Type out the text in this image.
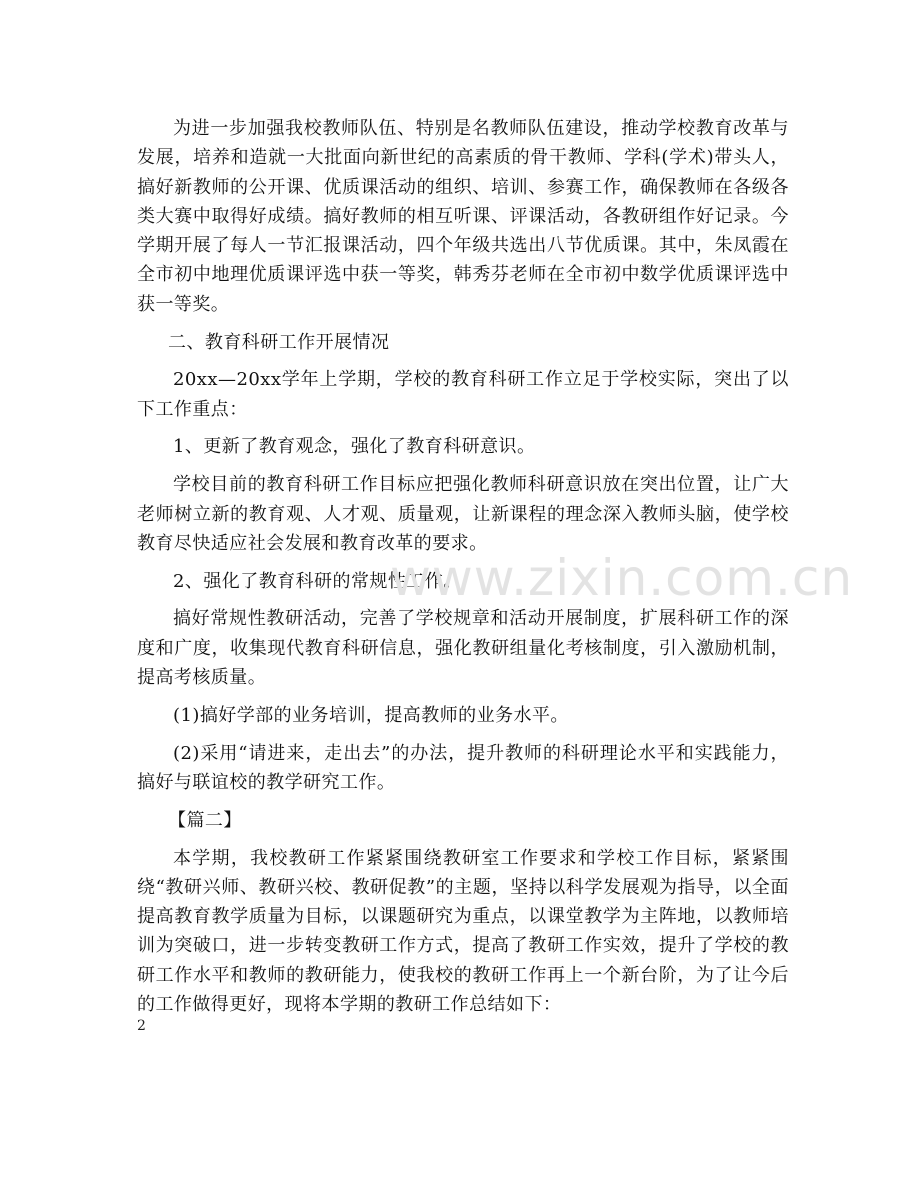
为进一步加强我校教师队伍、特别是名教师队伍建设，推动学校教育改革与发展，培养和造就一大批面向新世纪的高素质的骨干教师、学科(学术)带头人，搞好新教师的公开课、优质课活动的组织、培训、参赛工作，确保教师在各级各类大赛中取得好成绩。搞好教师的相互听课、评课活动，各教研组作好记录。今学期开展了每人一节汇报课活动，四个年级共选出八节优质课。其中，朱凤霞在全市初中地理优质课评选中获一等奖，韩秀芬老师在全市初中数学优质课评选中获一等奖。

二、教育科研工作开展情况

20xx—20xx学年上学期，学校的教育科研工作立足于学校实际，突出了以下工作重点：

1、更新了教育观念，强化了教育科研意识。

学校目前的教育科研工作目标应把强化教师科研意识放在突出位置，让广大老师树立新的教育观、人才观、质量观，让新课程的理念深入教师头脑，使学校教育尽快适应社会发展和教育改革的要求。

2、强化了教育科研的常规性工作。

搞好常规性教研活动，完善了学校规章和活动开展制度，扩展科研工作的深度和广度，收集现代教育科研信息，强化教研组量化考核制度，引入激励机制，提高考核质量。

(1)搞好学部的业务培训，提高教师的业务水平。

(2)采用“请进来，走出去”的办法，提升教师的科研理论水平和实践能力，搞好与联谊校的教学研究工作。

【篇二】

本学期，我校教研工作紧紧围绕教研室工作要求和学校工作目标，紧紧围绕“教研兴师、教研兴校、教研促教”的主题，坚持以科学发展观为指导，以全面提高教育教学质量为目标，以课题研究为重点，以课堂教学为主阵地，以教师培训为突破口，进一步转变教研工作方式，提高了教研工作实效，提升了学校的教研工作水平和教师的教研能力，使我校的教研工作再上一个新台阶，为了让今后的工作做得更好，现将本学期的教研工作总结如下：

www.zixin.com.cn
2
